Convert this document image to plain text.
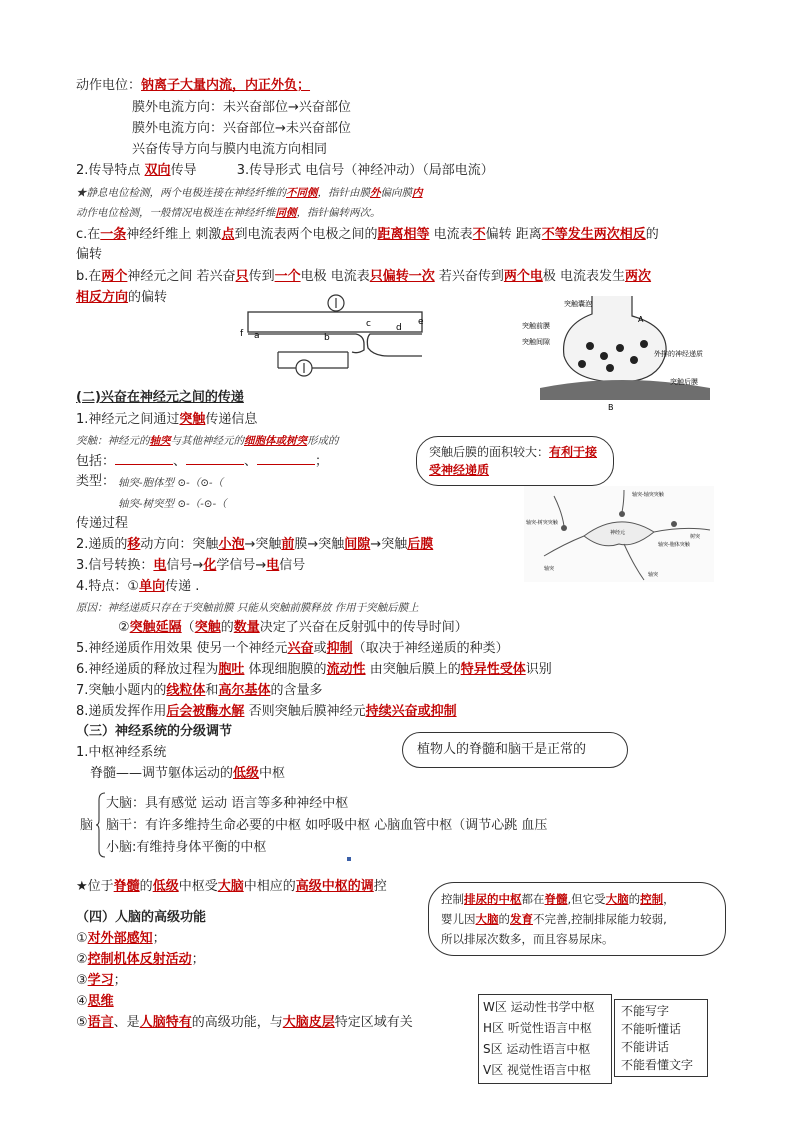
动作电位：钠离子大量内流，内正外负；
膜外电流方向：未兴奋部位→兴奋部位
膜外电流方向：兴奋部位→未兴奋部位
兴奋传导方向与膜内电流方向相同
2.传导特点 双向传导	3.传导形式 电信号（神经冲动）（局部电流）
★静息电位检测，两个电极连接在神经纤维的不同侧，指针由膜外偏向膜内
动作电位检测，一般情况电极连在神经纤维同侧，指针偏转两次。
c.在一条神经纤维上 刺激点到电流表两个电极之间的距离相等 电流表不偏转 距离不等发生两次相反的
偏转
b.在两个神经元之间 若兴奋只传到一个电极 电流表只偏转一次 若兴奋传到两个电极 电流表发生两次
相反方向的偏转
f a	b
c	d
e
突触囊泡
突触前膜
突触间隙
外排的神经递质
突触后膜
A
B
(二)兴奋在神经元之间的传递
1.神经元之间通过突触传递信息
突触：神经元的轴突与其他神经元的细胞体或树突形成的
包括：	、	、	；
类型： 轴突-胞体型 ⊙-（⊙-（
轴突-树突型 ⊙-（-⊙-（
突触后膜的面积较大：有利于接受神经递质
轴突-轴突突触
神经元
轴突-树突突触
轴突-胞体突触
树突
轴突
轴突
传递过程
2.递质的移动方向：突触小泡→突触前膜→突触间隙→突触后膜
3.信号转换：电信号→化学信号→电信号
4.特点：①单向传递 .
原因：神经递质只存在于突触前膜 只能从突触前膜释放 作用于突触后膜上
②突触延隔（突触的数量决定了兴奋在反射弧中的传导时间）
5.神经递质作用效果 使另一个神经元兴奋或抑制（取决于神经递质的种类）
6.神经递质的释放过程为胞吐 体现细胞膜的流动性 由突触后膜上的特异性受体识别
7.突触小题内的线粒体和高尔基体的含量多
8.递质发挥作用后会被酶水解 否则突触后膜神经元持续兴奋或抑制
（三）神经系统的分级调节
1.中枢神经系统
脊髓——调节躯体运动的低级中枢
植物人的脊髓和脑干是正常的
脑
大脑：具有感觉 运动 语言等多种神经中枢
脑干：有许多维持生命必要的中枢 如呼吸中枢 心脑血管中枢（调节心跳 血压
小脑:有维持身体平衡的中枢
★位于脊髓的低级中枢受大脑中相应的高级中枢的调控
控制排尿的中枢都在脊髓,但它受大脑的控制，
婴儿因大脑的发育不完善,控制排尿能力较弱,
所以排尿次数多，而且容易尿床。
（四）人脑的高级功能
①对外部感知；
②控制机体反射活动；
③学习；
④思维
⑤语言、是人脑特有的高级功能，与大脑皮层特定区域有关
W区 运动性书学中枢
H区 听觉性语言中枢
S区 运动性语言中枢
V区 视觉性语言中枢
不能写字
不能听懂话
不能讲话
不能看懂文字
